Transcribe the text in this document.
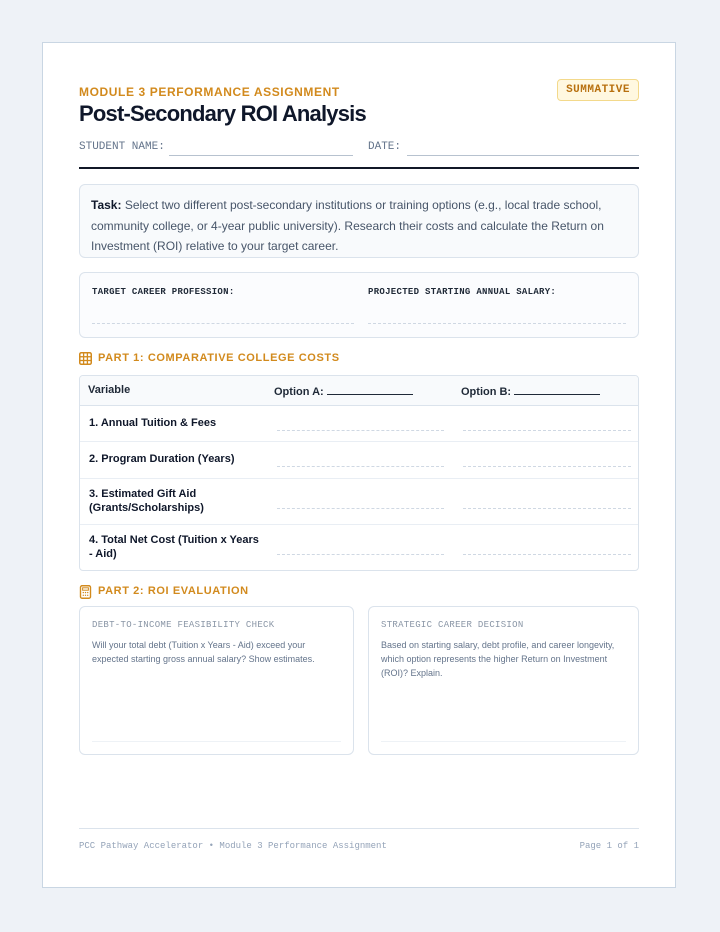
MODULE 3 PERFORMANCE ASSIGNMENT	SUMMATIVE
Post-Secondary ROI Analysis
STUDENT NAME:	DATE:
Task: Select two different post-secondary institutions or training options (e.g., local trade school, community college, or 4-year public university). Research their costs and calculate the Return on Investment (ROI) relative to your target career.
TARGET CAREER PROFESSION:	PROJECTED STARTING ANNUAL SALARY:
PART 1: COMPARATIVE COLLEGE COSTS
Variable	Option A:	Option B:
1. Annual Tuition & Fees
2. Program Duration (Years)
3. Estimated Gift Aid (Grants/Scholarships)
4. Total Net Cost (Tuition x Years - Aid)
PART 2: ROI EVALUATION
DEBT-TO-INCOME FEASIBILITY CHECK
Will your total debt (Tuition x Years - Aid) exceed your expected starting gross annual salary? Show estimates.
STRATEGIC CAREER DECISION
Based on starting salary, debt profile, and career longevity, which option represents the higher Return on Investment (ROI)? Explain.
PCC Pathway Accelerator • Module 3 Performance Assignment	Page 1 of 1
